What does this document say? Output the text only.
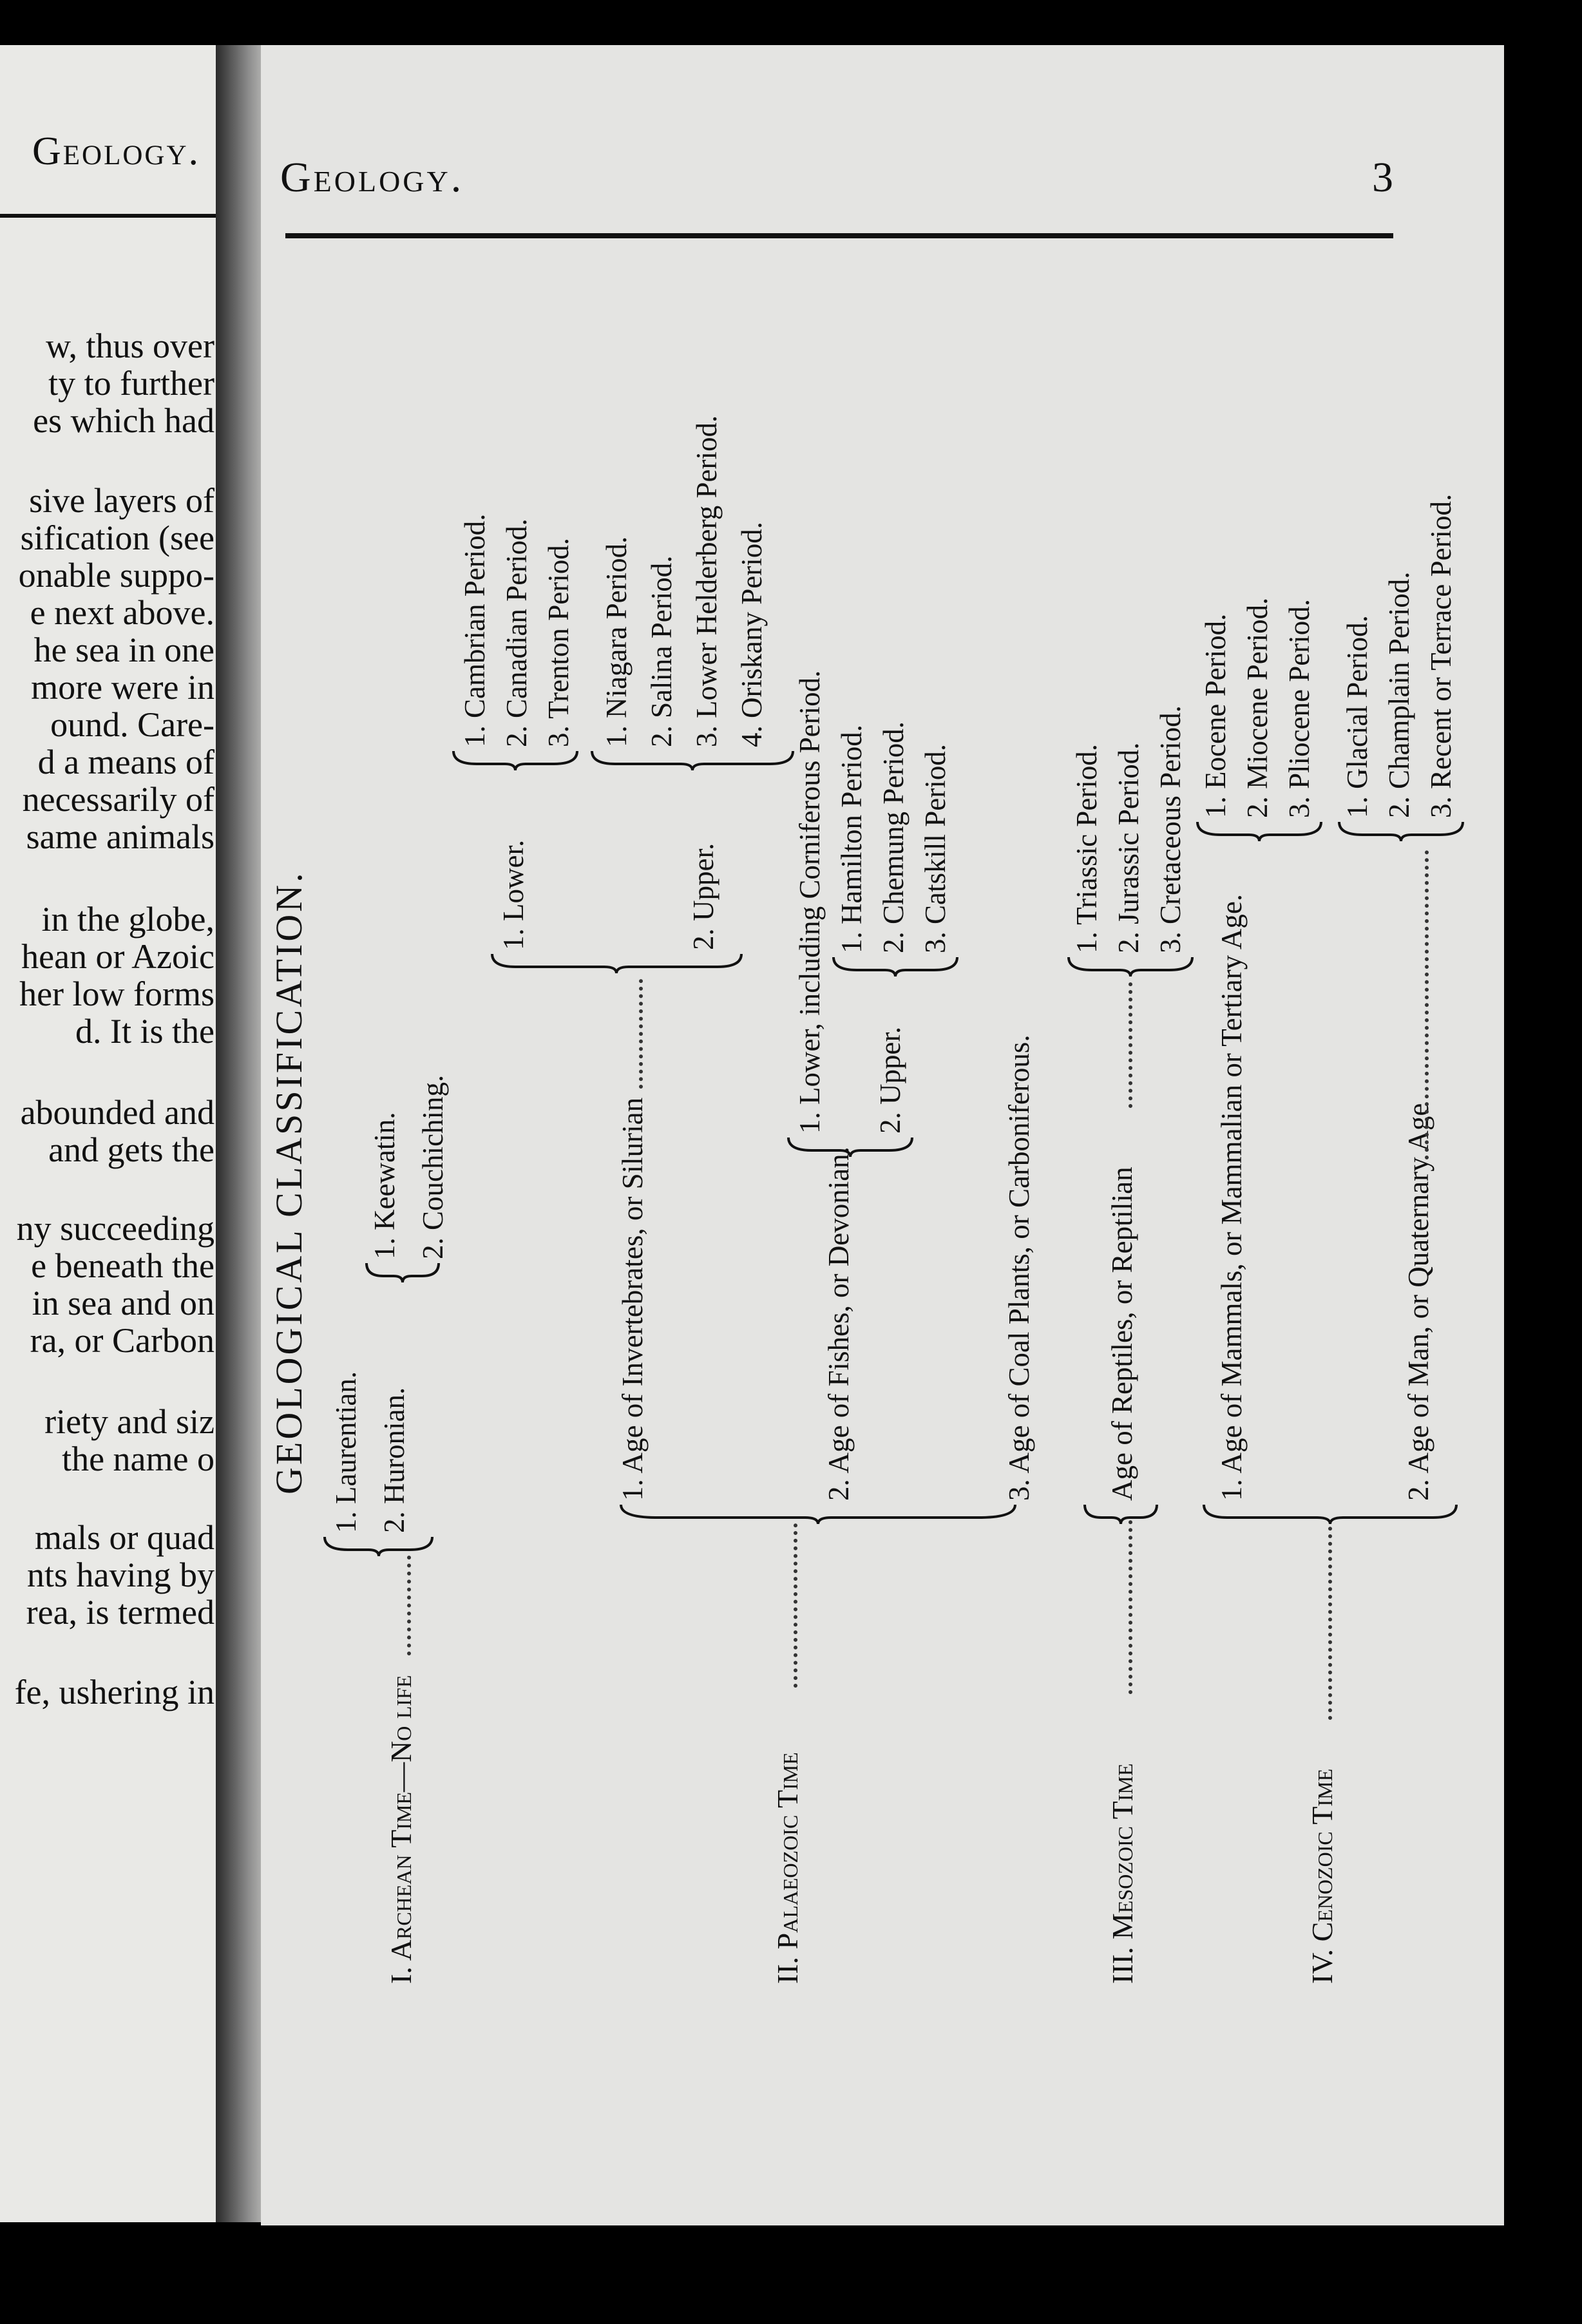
Geology.
w, thus over
ty to further
es which had
sive layers of
sification (see
onable suppo-
e next above.
he sea in one
more were in
ound. Care-
d a means of
necessarily of
same animals
in the globe,
hean or Azoic
her low forms
d. It is the
abounded and
and gets the
ny succeeding
e beneath the
in sea and on
ra, or Carbon
riety and siz
the name o
mals or quad
nts having by
rea, is termed
fe, ushering in
Geology.	3
GEOLOGICAL CLASSIFICATION.
I. Archean Time—No life
1. Laurentian. 2. Huronian.
1. Keewatin. 2. Couchiching.
II. Palaeozoic Time
1. Age of Invertebrates, or Silurian
1. Lower.	2. Upper.
1. Cambrian Period. 2. Canadian Period. 3. Trenton Period. 1. Niagara Period. 2. Salina Period. 3. Lower Helderberg Period. 4. Oriskany Period.
2. Age of Fishes, or Devonian.
1. Lower, including Corniferous Period. 2. Upper.
1. Hamilton Period. 2. Chemung Period. 3. Catskill Period.
3. Age of Coal Plants, or Carboniferous.
III. Mesozoic Time
Age of Reptiles, or Reptilian
1. Triassic Period. 2. Jurassic Period. 3. Cretaceous Period.
IV. Cenozoic Time
1. Age of Mammals, or Mammalian or Tertiary Age.
1. Eocene Period. 2. Miocene Period. 3. Pliocene Period.
2. Age of Man, or Quaternary Age
1. Glacial Period. 2. Champlain Period. 3. Recent or Terrace Period.
